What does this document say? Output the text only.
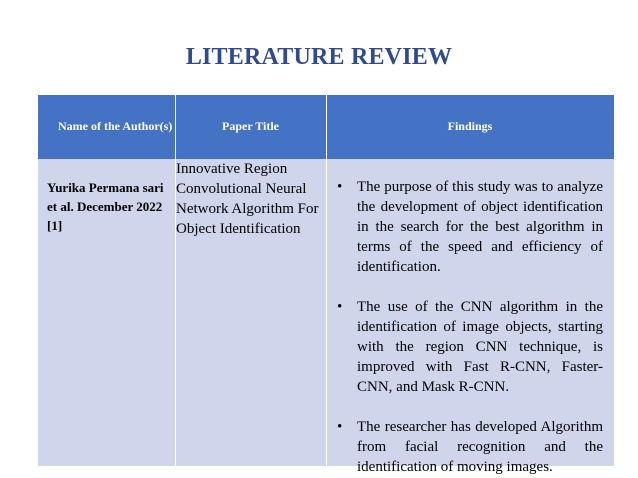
LITERATURE REVIEW
Name of the Author(s)	Paper Title	Findings
Yurika Permana sari et al. December 2022 [1]
Innovative Region Convolutional Neural Network Algorithm For Object Identification
• The purpose of this study was to analyze the development of object identification in the search for the best algorithm in terms of the speed and efficiency of identification.
• The use of the CNN algorithm in the identification of image objects, starting with the region CNN technique, is improved with Fast R-CNN, Faster-CNN, and Mask R-CNN.
• The researcher has developed Algorithm from facial recognition and the identification of moving images.
